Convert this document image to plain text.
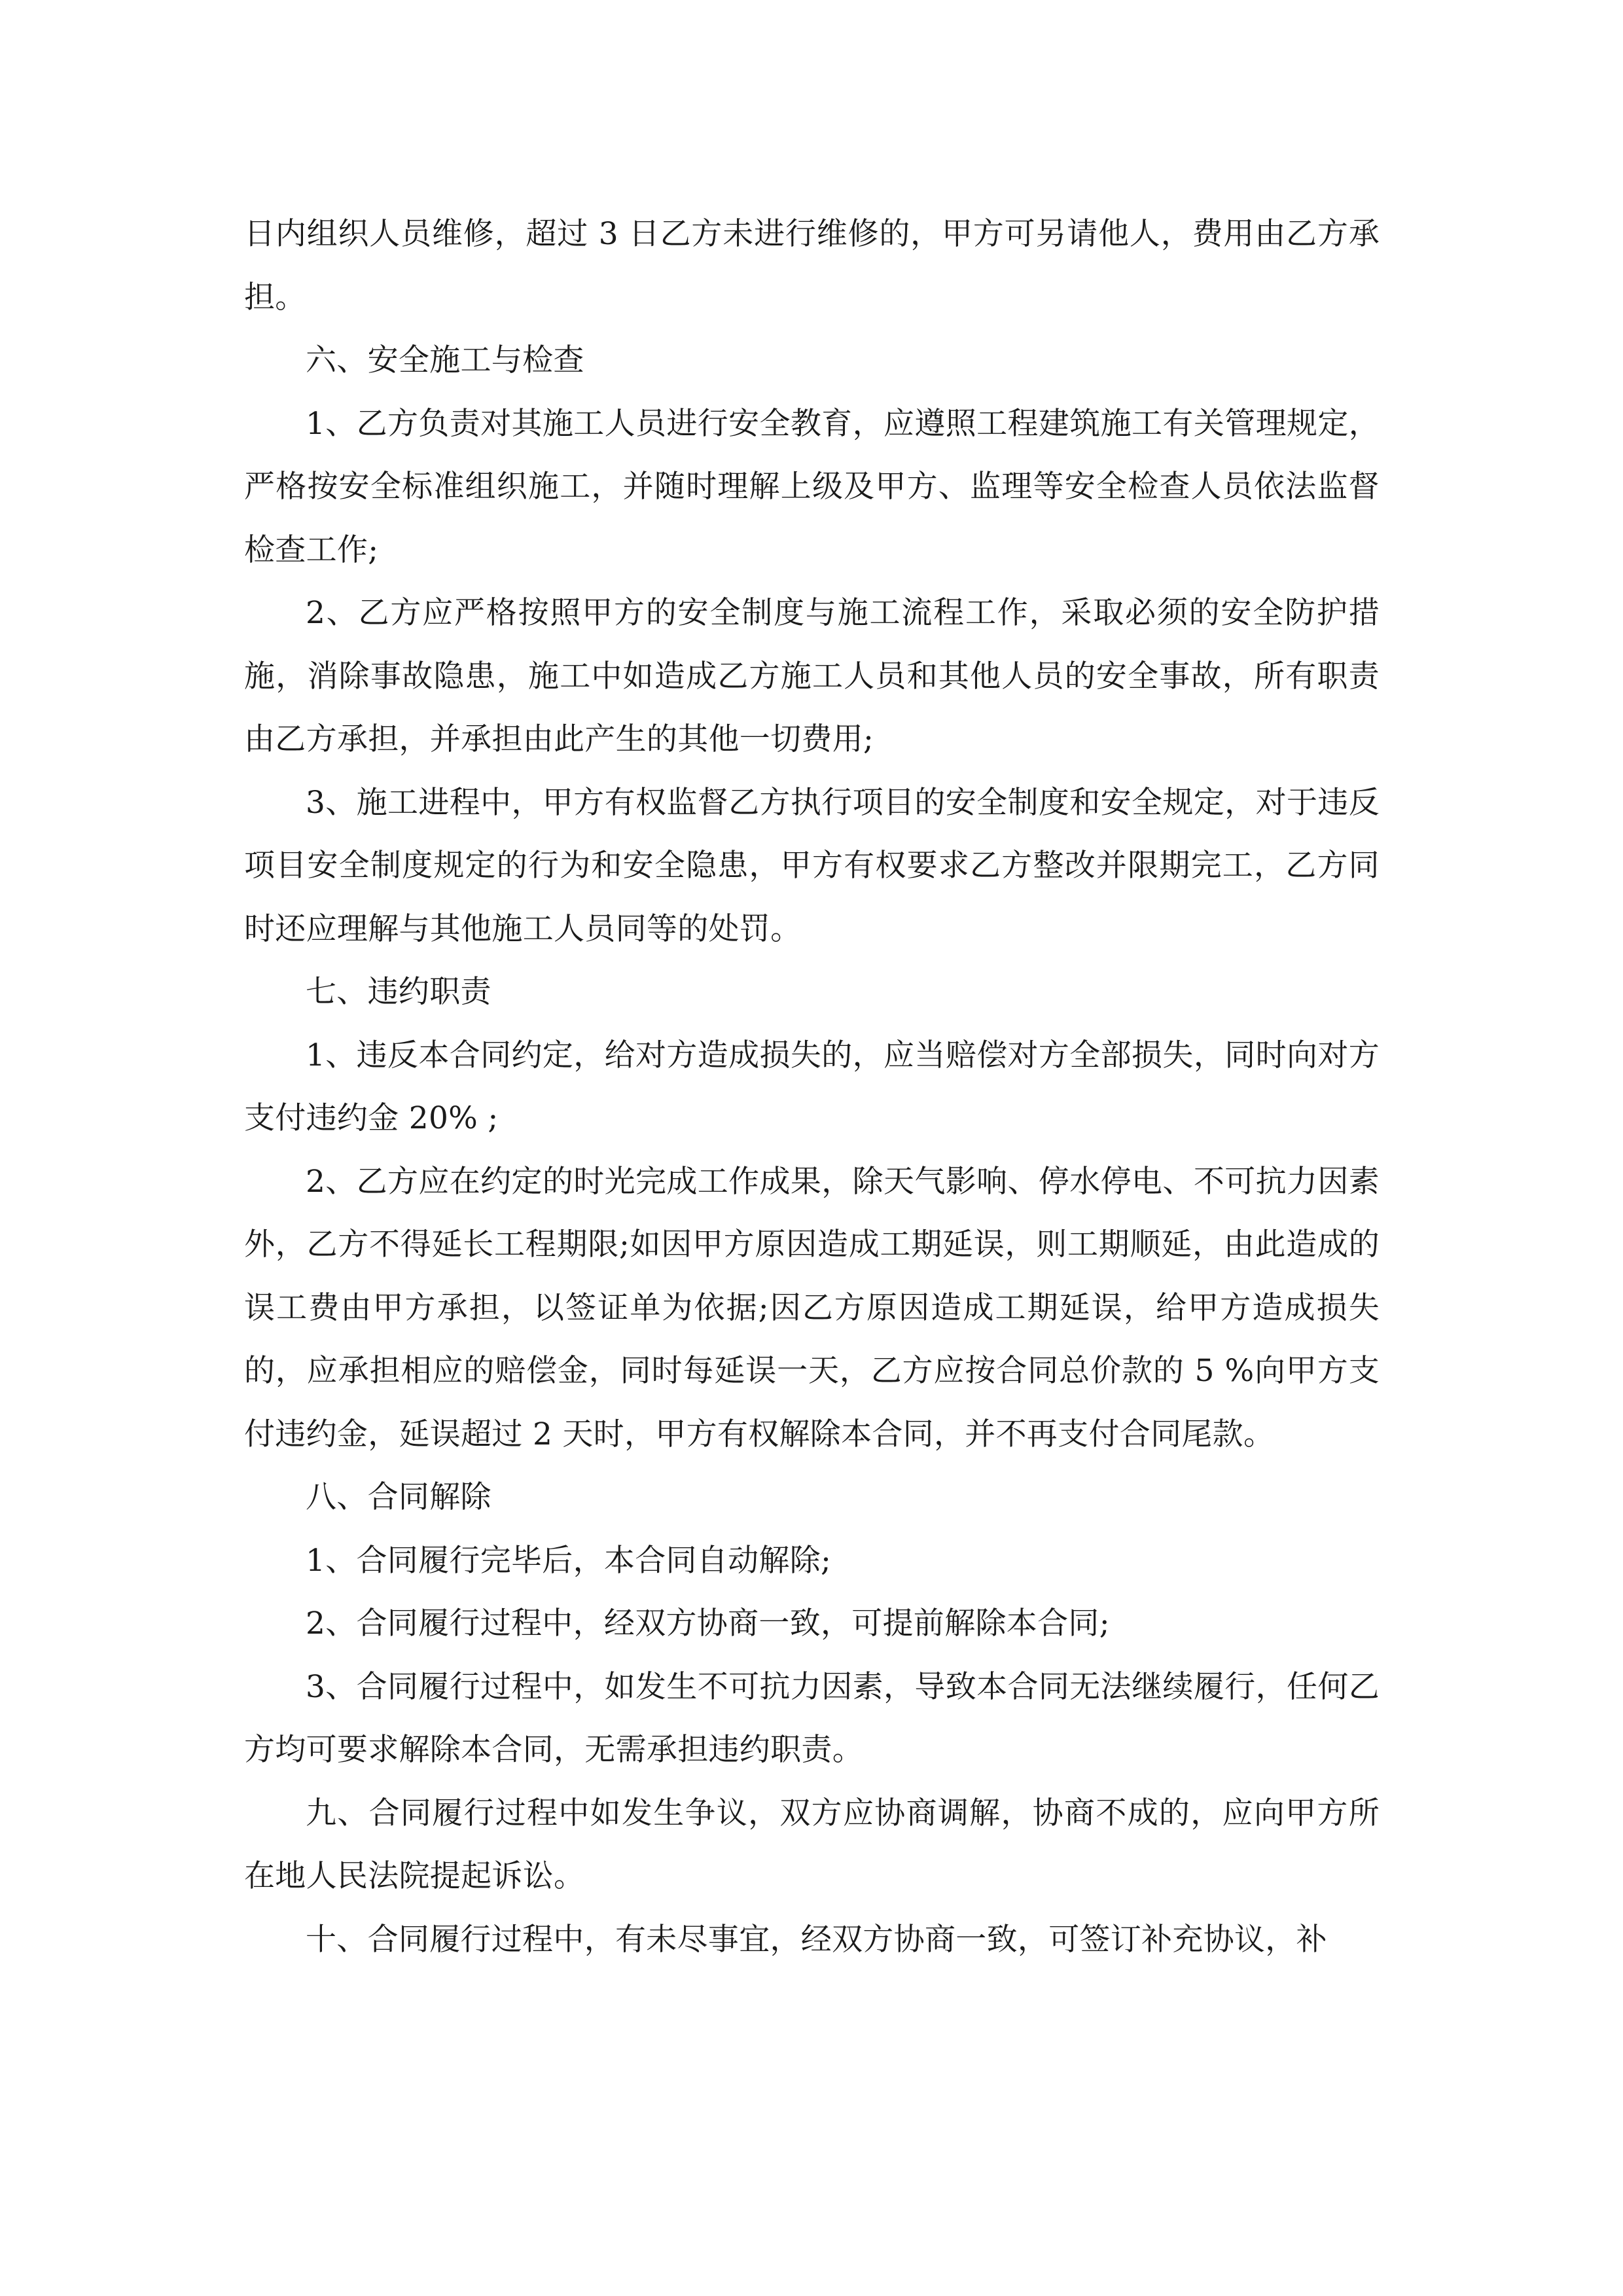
日内组织人员维修，超过 3 日乙方未进行维修的，甲方可另请他人，费用由乙方承担。

六、安全施工与检查

1、乙方负责对其施工人员进行安全教育，应遵照工程建筑施工有关管理规定，严格按安全标准组织施工，并随时理解上级及甲方、监理等安全检查人员依法监督检查工作;

2、乙方应严格按照甲方的安全制度与施工流程工作，采取必须的安全防护措施，消除事故隐患，施工中如造成乙方施工人员和其他人员的安全事故，所有职责由乙方承担，并承担由此产生的其他一切费用;

3、施工进程中，甲方有权监督乙方执行项目的安全制度和安全规定，对于违反项目安全制度规定的行为和安全隐患，甲方有权要求乙方整改并限期完工，乙方同时还应理解与其他施工人员同等的处罚。

七、违约职责

1、违反本合同约定，给对方造成损失的，应当赔偿对方全部损失，同时向对方支付违约金 20% ;

2、乙方应在约定的时光完成工作成果，除天气影响、停水停电、不可抗力因素外，乙方不得延长工程期限;如因甲方原因造成工期延误，则工期顺延，由此造成的误工费由甲方承担，以签证单为依据;因乙方原因造成工期延误，给甲方造成损失的，应承担相应的赔偿金，同时每延误一天，乙方应按合同总价款的 5 %向甲方支付违约金，延误超过 2 天时，甲方有权解除本合同，并不再支付合同尾款。

八、合同解除

1、合同履行完毕后，本合同自动解除;

2、合同履行过程中，经双方协商一致，可提前解除本合同;

3、合同履行过程中，如发生不可抗力因素，导致本合同无法继续履行，任何乙方均可要求解除本合同，无需承担违约职责。

九、合同履行过程中如发生争议，双方应协商调解，协商不成的，应向甲方所在地人民法院提起诉讼。

十、合同履行过程中，有未尽事宜，经双方协商一致，可签订补充协议，补
